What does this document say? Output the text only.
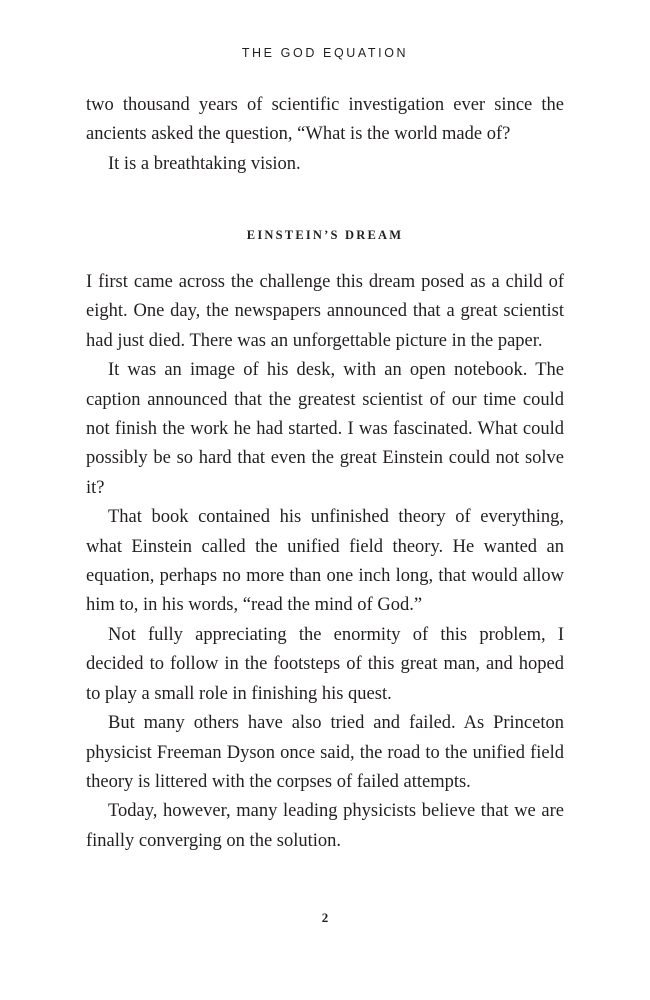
THE GOD EQUATION

two thousand years of scientific investigation ever since the ancients asked the question, “What is the world made of?

It is a breathtaking vision.

EINSTEIN’S DREAM

I first came across the challenge this dream posed as a child of eight. One day, the newspapers announced that a great scientist had just died. There was an unforgettable picture in the paper.

It was an image of his desk, with an open notebook. The caption announced that the greatest scientist of our time could not finish the work he had started. I was fascinated. What could possibly be so hard that even the great Einstein could not solve it?

That book contained his unfinished theory of everything, what Einstein called the unified field theory. He wanted an equation, perhaps no more than one inch long, that would allow him to, in his words, “read the mind of God.”

Not fully appreciating the enormity of this problem, I decided to follow in the footsteps of this great man, and hoped to play a small role in finishing his quest.

But many others have also tried and failed. As Princeton physicist Freeman Dyson once said, the road to the unified field theory is littered with the corpses of failed attempts.

Today, however, many leading physicists believe that we are finally converging on the solution.

2
